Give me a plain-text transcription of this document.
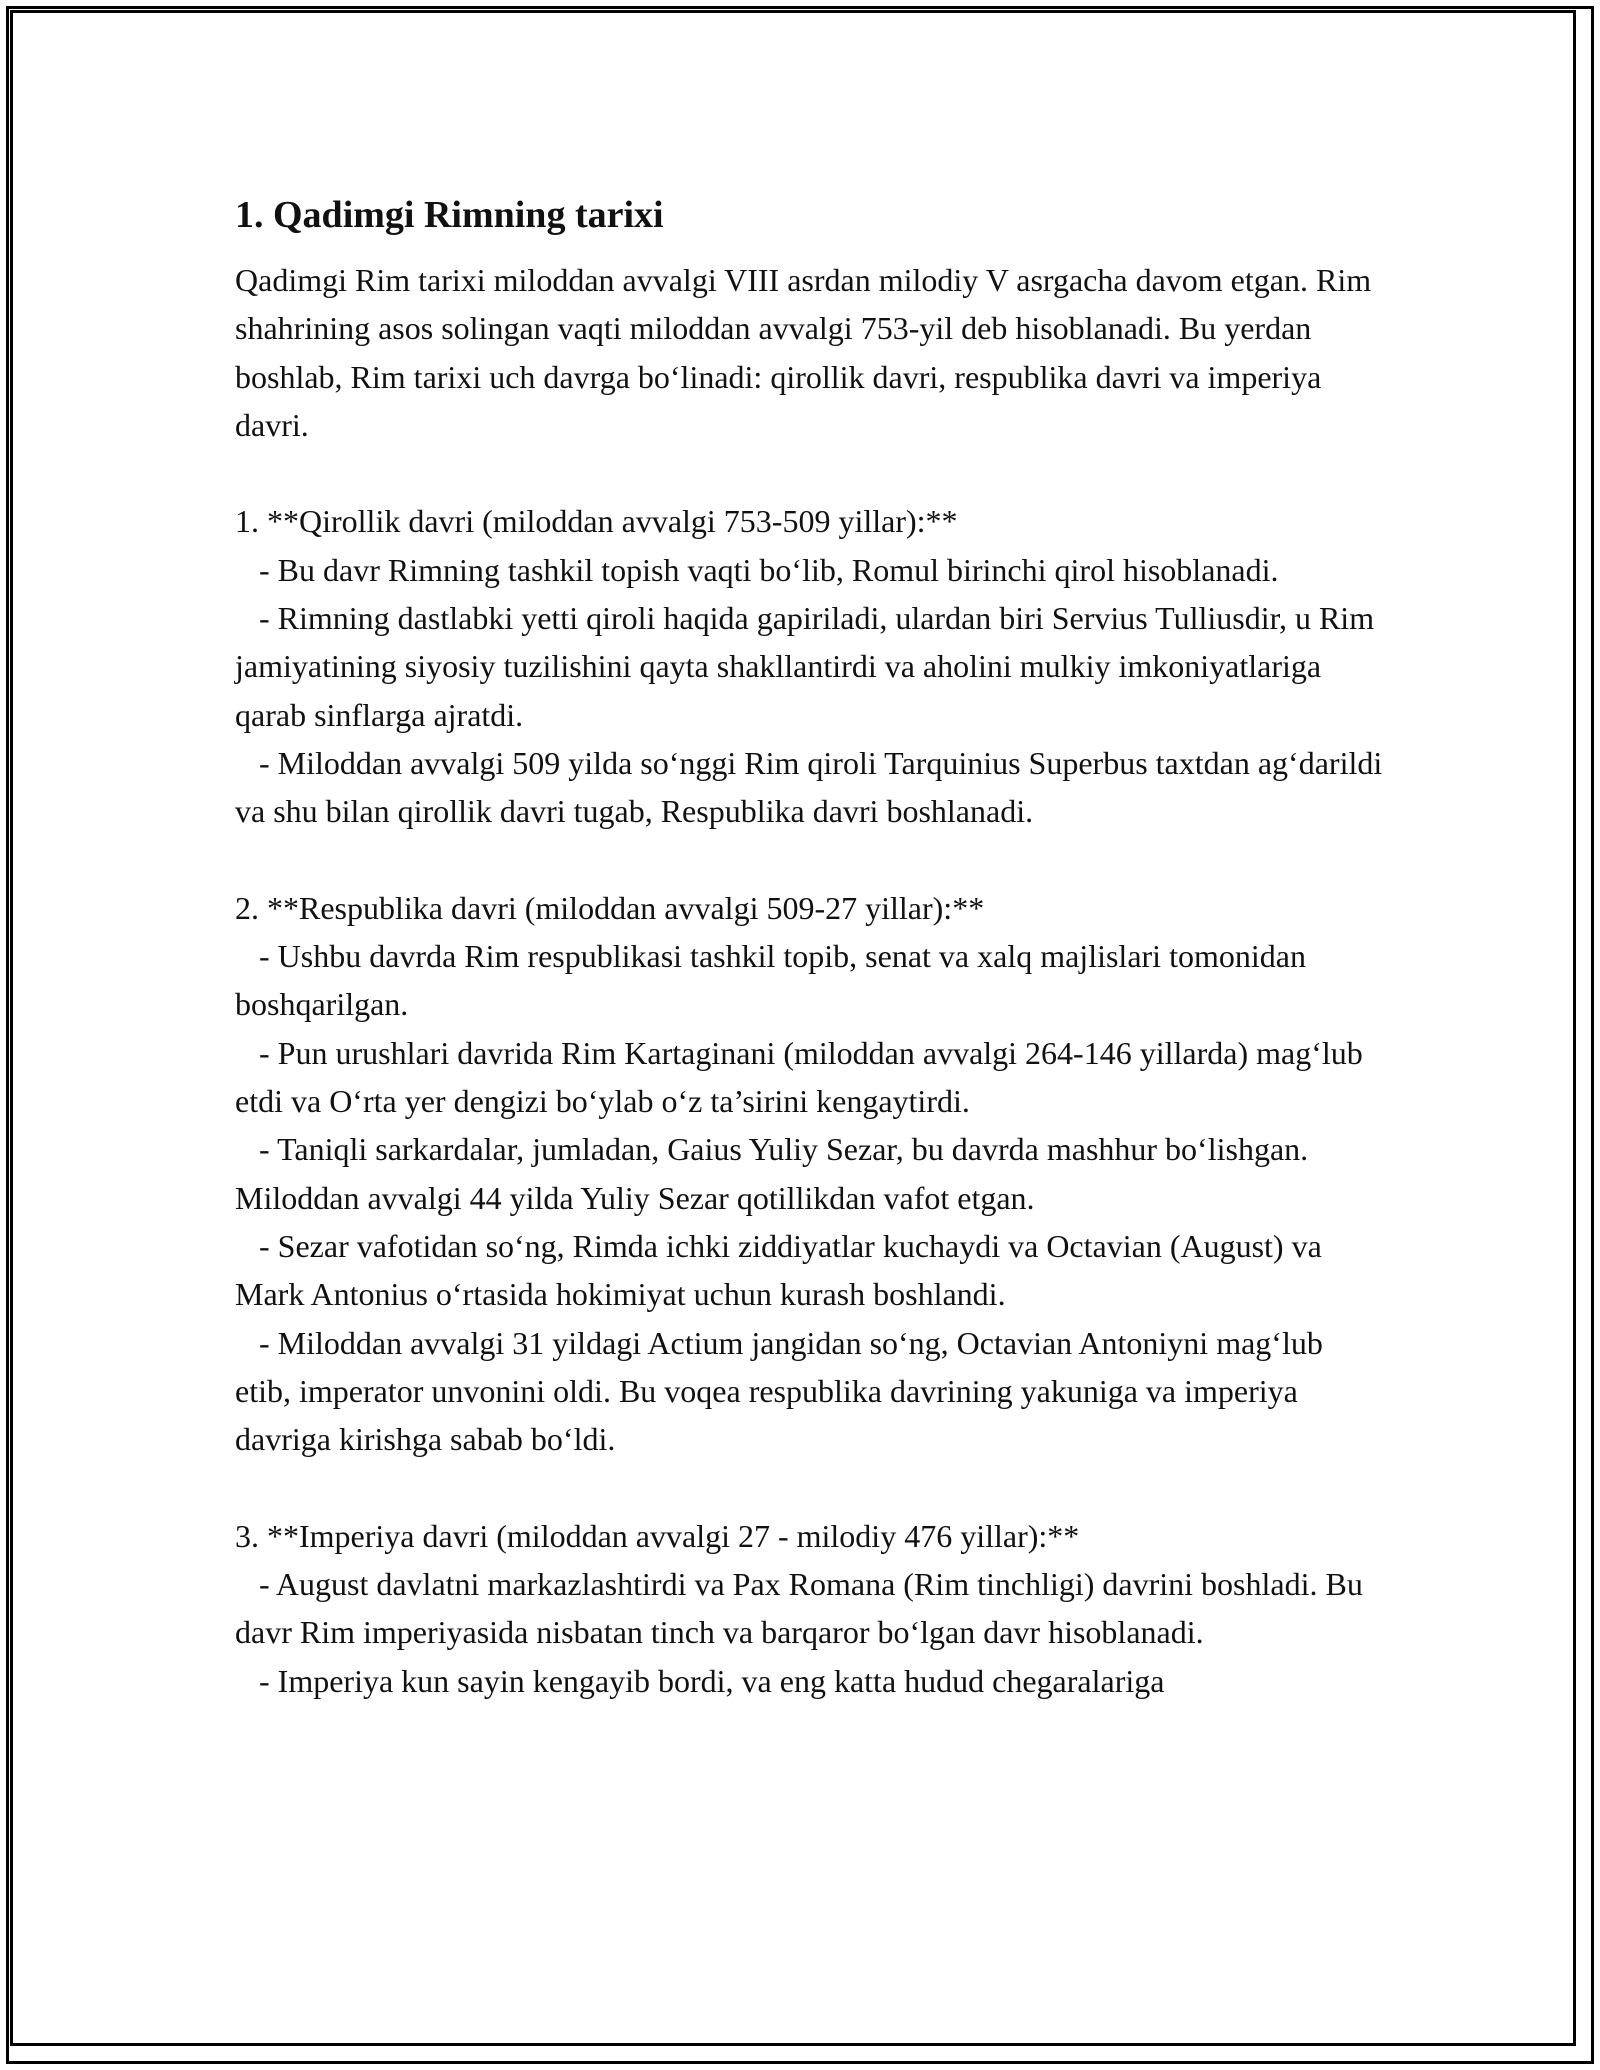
1. Qadimgi Rimning tarixi

Qadimgi Rim tarixi miloddan avvalgi VIII asrdan milodiy V asrgacha davom etgan. Rim shahrining asos solingan vaqti miloddan avvalgi 753-yil deb hisoblanadi. Bu yerdan boshlab, Rim tarixi uch davrga bo‘linadi: qirollik davri, respublika davri va imperiya davri.

1. **Qirollik davri (miloddan avvalgi 753-509 yillar):**

- Bu davr Rimning tashkil topish vaqti bo‘lib, Romul birinchi qirol hisoblanadi.

- Rimning dastlabki yetti qiroli haqida gapiriladi, ulardan biri Servius Tulliusdir, u Rim jamiyatining siyosiy tuzilishini qayta shakllantirdi va aholini mulkiy imkoniyatlariga qarab sinflarga ajratdi.

- Miloddan avvalgi 509 yilda so‘nggi Rim qiroli Tarquinius Superbus taxtdan ag‘darildi va shu bilan qirollik davri tugab, Respublika davri boshlanadi.

2. **Respublika davri (miloddan avvalgi 509-27 yillar):**

- Ushbu davrda Rim respublikasi tashkil topib, senat va xalq majlislari tomonidan boshqarilgan.

- Pun urushlari davrida Rim Kartaginani (miloddan avvalgi 264-146 yillarda) mag‘lub etdi va O‘rta yer dengizi bo‘ylab o‘z ta’sirini kengaytirdi.

- Taniqli sarkardalar, jumladan, Gaius Yuliy Sezar, bu davrda mashhur bo‘lishgan. Miloddan avvalgi 44 yilda Yuliy Sezar qotillikdan vafot etgan.

- Sezar vafotidan so‘ng, Rimda ichki ziddiyatlar kuchaydi va Octavian (August) va Mark Antonius o‘rtasida hokimiyat uchun kurash boshlandi.

- Miloddan avvalgi 31 yildagi Actium jangidan so‘ng, Octavian Antoniyni mag‘lub etib, imperator unvonini oldi. Bu voqea respublika davrining yakuniga va imperiya davriga kirishga sabab bo‘ldi.

3. **Imperiya davri (miloddan avvalgi 27 - milodiy 476 yillar):**

- August davlatni markazlashtirdi va Pax Romana (Rim tinchligi) davrini boshladi. Bu davr Rim imperiyasida nisbatan tinch va barqaror bo‘lgan davr hisoblanadi.

- Imperiya kun sayin kengayib bordi, va eng katta hudud chegaralariga
